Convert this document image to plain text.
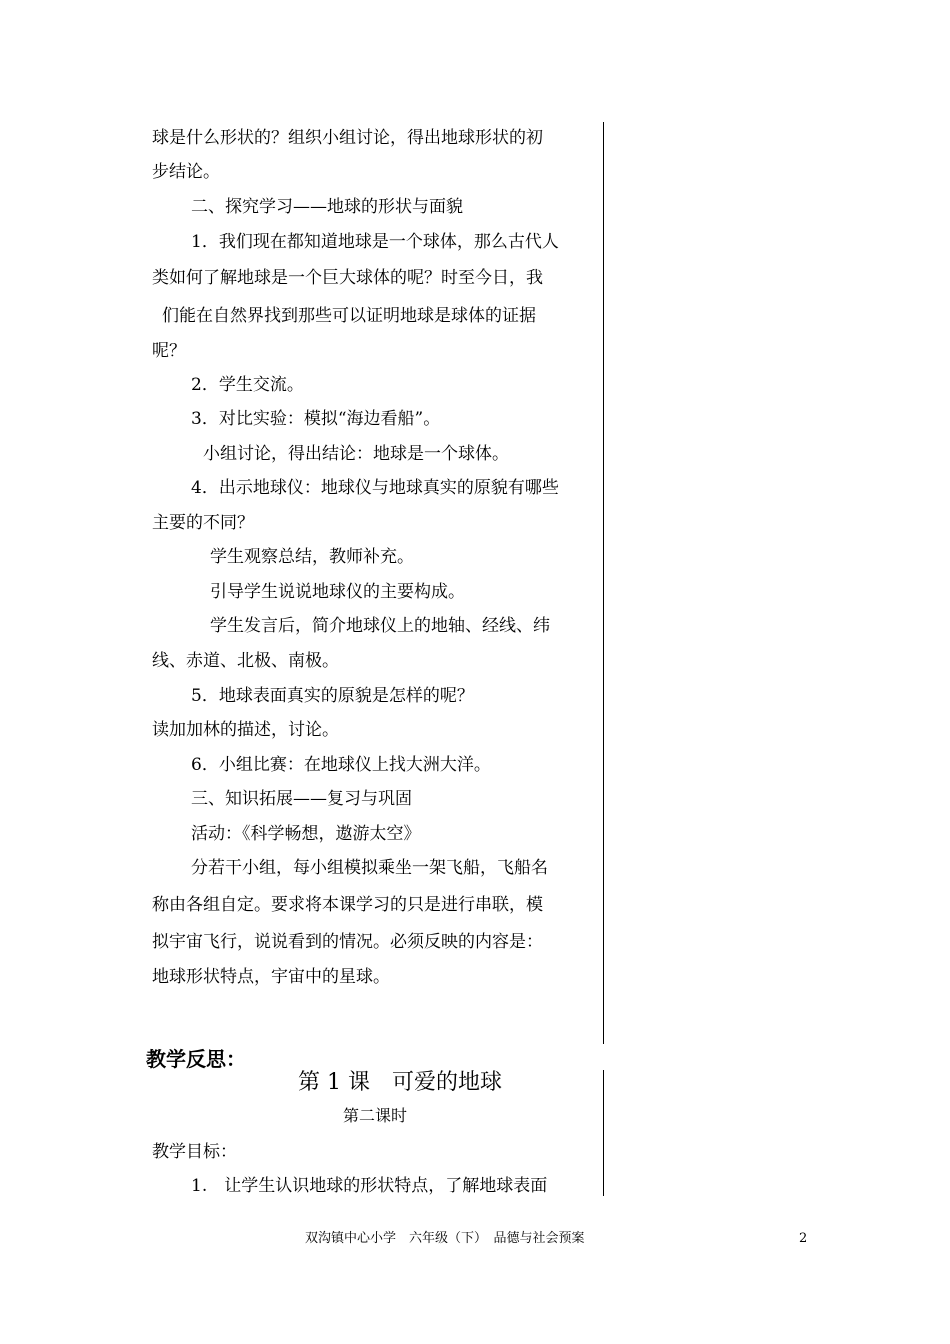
球是什么形状的？组织小组讨论，得出地球形状的初
步结论。
二、探究学习——地球的形状与面貌
1．我们现在都知道地球是一个球体，那么古代人
类如何了解地球是一个巨大球体的呢？时至今日，我
们能在自然界找到那些可以证明地球是球体的证据
呢？
2．学生交流。
3．对比实验：模拟“海边看船”。
小组讨论，得出结论：地球是一个球体。
4．出示地球仪：地球仪与地球真实的原貌有哪些
主要的不同？
学生观察总结，教师补充。
引导学生说说地球仪的主要构成。
学生发言后，简介地球仪上的地轴、经线、纬
线、赤道、北极、南极。
5．地球表面真实的原貌是怎样的呢？
读加加林的描述，讨论。
6．小组比赛：在地球仪上找大洲大洋。
三、知识拓展——复习与巩固
活动：《科学畅想，遨游太空》
分若干小组，每小组模拟乘坐一架飞船，飞船名
称由各组自定。要求将本课学习的只是进行串联，模
拟宇宙飞行，说说看到的情况。必须反映的内容是：
地球形状特点，宇宙中的星球。
教学反思：
第 1 课　可爱的地球
第二课时
教学目标：
1.　让学生认识地球的形状特点，了解地球表面
双沟镇中心小学　六年级（下）　品德与社会预案	2
